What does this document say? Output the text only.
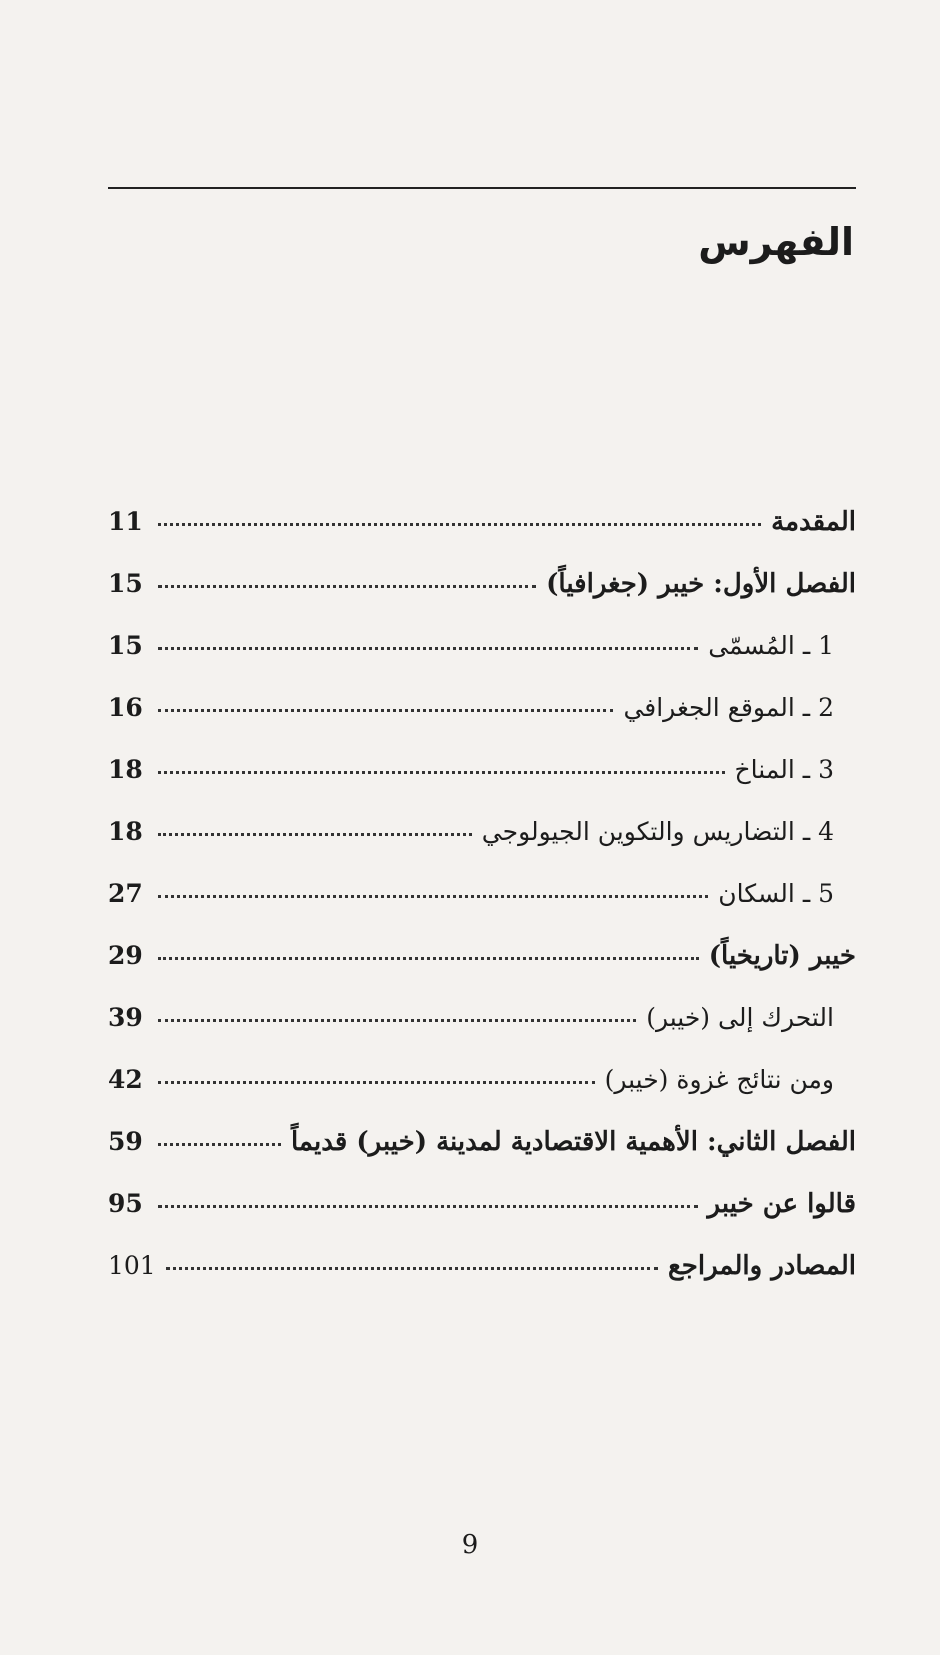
الفهرس
المقدمة
11
الفصل الأول: خيبر (جغرافياً)
15
1 ـ المُسمّى
15
2 ـ الموقع الجغرافي
16
3 ـ المناخ
18
4 ـ التضاريس والتكوين الجيولوجي
18
5 ـ السكان
27
خيبر (تاريخياً)
29
التحرك إلى (خيبر)
39
ومن نتائج غزوة (خيبر)
42
الفصل الثاني: الأهمية الاقتصادية لمدينة (خيبر) قديماً
59
قالوا عن خيبر
95
المصادر والمراجع
101
9
